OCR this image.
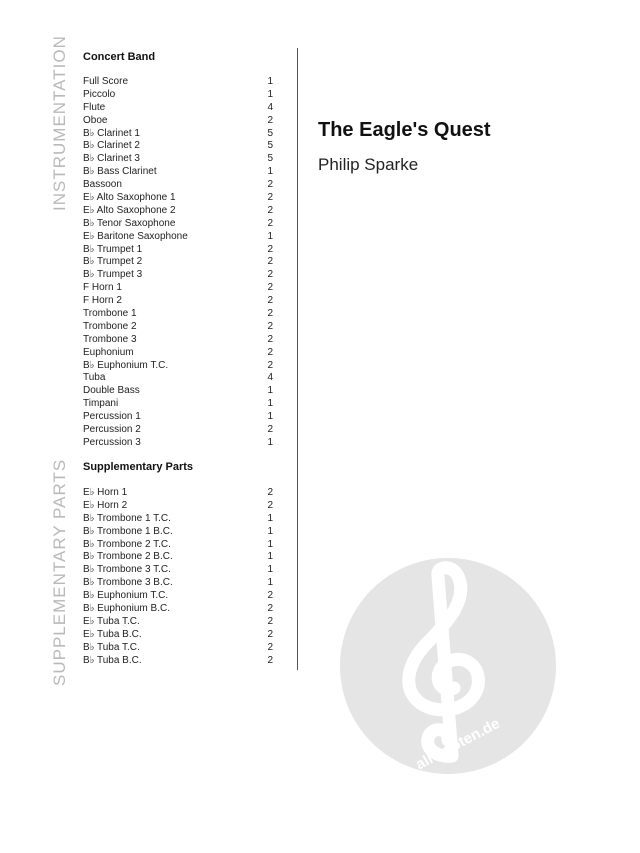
INSTRUMENTATION
SUPPLEMENTARY PARTS
Concert Band
Full Score	1
Piccolo	1
Flute	4
Oboe	2
B♭ Clarinet 1	5
B♭ Clarinet 2	5
B♭ Clarinet 3	5
B♭ Bass Clarinet	1
Bassoon	2
E♭ Alto Saxophone 1	2
E♭ Alto Saxophone 2	2
B♭ Tenor Saxophone	2
E♭ Baritone Saxophone	1
B♭ Trumpet 1	2
B♭ Trumpet 2	2
B♭ Trumpet 3	2
F Horn 1	2
F Horn 2	2
Trombone 1	2
Trombone 2	2
Trombone 3	2
Euphonium	2
B♭ Euphonium T.C.	2
Tuba	4
Double Bass	1
Timpani	1
Percussion 1	1
Percussion 2	2
Percussion 3	1
Supplementary Parts
E♭ Horn 1	2
E♭ Horn 2	2
B♭ Trombone 1 T.C.	1
B♭ Trombone 1 B.C.	1
B♭ Trombone 2 T.C.	1
B♭ Trombone 2 B.C.	1
B♭ Trombone 3 T.C.	1
B♭ Trombone 3 B.C.	1
B♭ Euphonium T.C.	2
B♭ Euphonium B.C.	2
E♭ Tuba T.C.	2
E♭ Tuba B.C.	2
B♭ Tuba T.C.	2
B♭ Tuba B.C.	2
The Eagle's Quest
Philip Sparke
alle-noten.de
